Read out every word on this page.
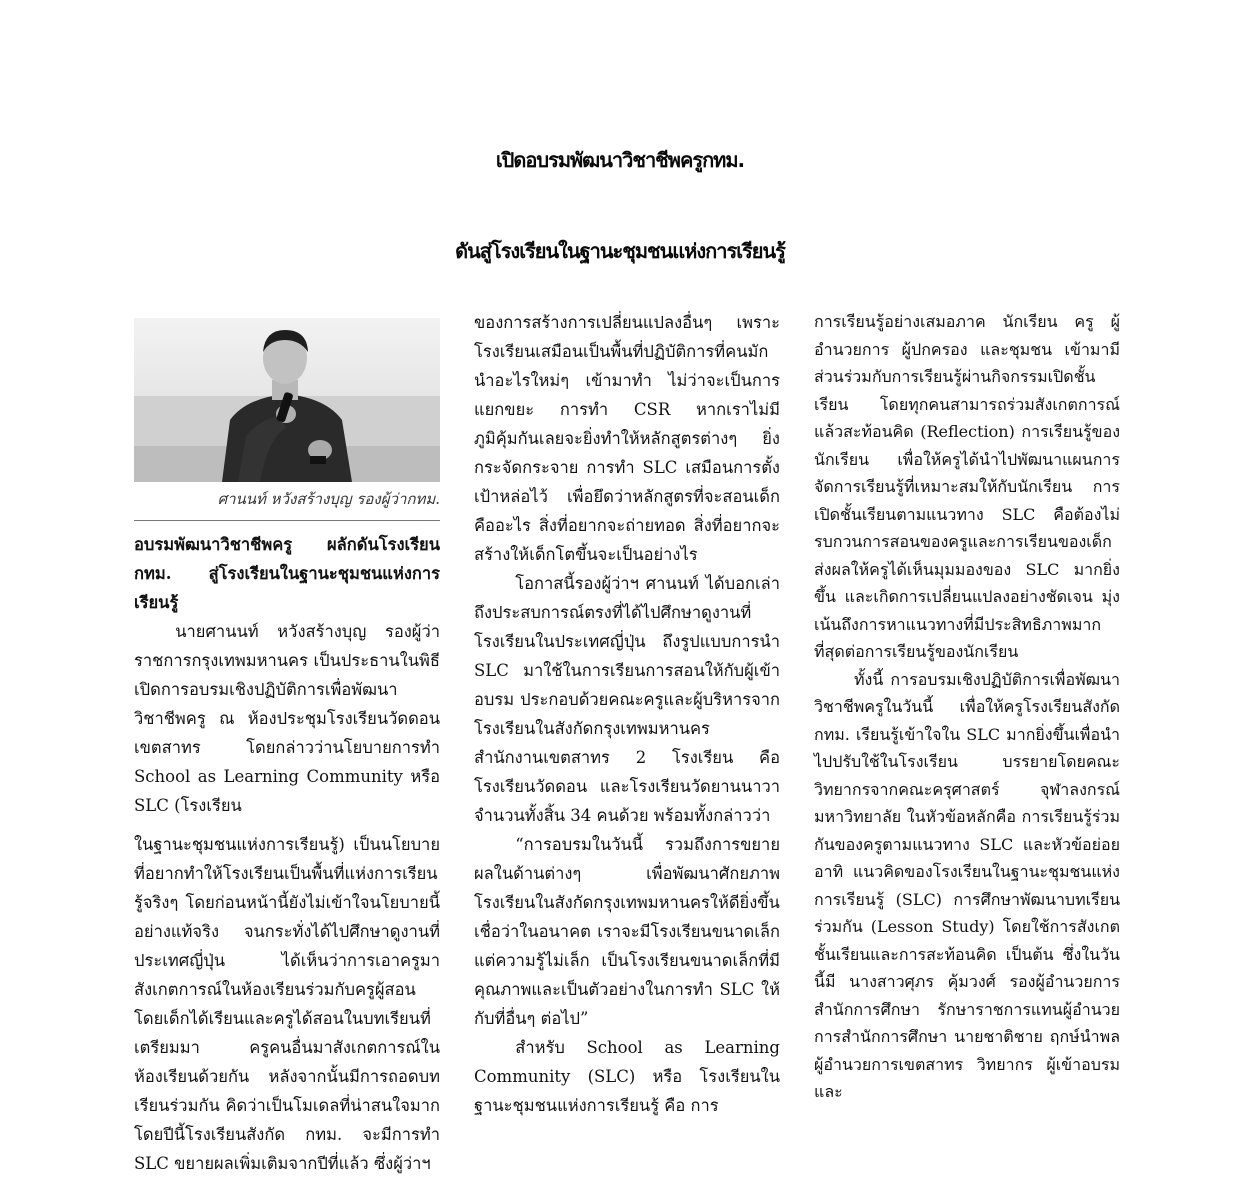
เปิดอบรมพัฒนาวิชาชีพครูกทม.
ดันสู่โรงเรียนในฐานะชุมชนแห่งการเรียนรู้
ศานนท์ หวังสร้างบุญ รองผู้ว่ากทม.

อบรมพัฒนาวิชาชีพครู ผลักดันโรงเรียน กทม. สู่โรงเรียนในฐานะชุมชนแห่งการเรียนรู้

นายศานนท์ หวังสร้างบุญ รองผู้ว่าราชการกรุงเทพมหานคร เป็นประธานในพิธีเปิดการอบรมเชิงปฏิบัติการเพื่อพัฒนาวิชาชีพครู ณ ห้องประชุมโรงเรียนวัดดอน เขตสาทร โดยกล่าวว่านโยบายการทำ School as Learning Community หรือ SLC (โรงเรียน

ในฐานะชุมชนแห่งการเรียนรู้) เป็นนโยบายที่อยากทำให้โรงเรียนเป็นพื้นที่แห่งการเรียนรู้จริงๆ โดยก่อนหน้านี้ยังไม่เข้าใจนโยบายนี้อย่างแท้จริง จนกระทั่งได้ไปศึกษาดูงานที่ประเทศญี่ปุ่น ได้เห็นว่าการเอาครูมาสังเกตการณ์ในห้องเรียนร่วมกับครูผู้สอน โดยเด็กได้เรียนและครูได้สอนในบทเรียนที่เตรียมมา ครูคนอื่นมาสังเกตการณ์ในห้องเรียนด้วยกัน หลังจากนั้นมีการถอดบทเรียนร่วมกัน คิดว่าเป็นโมเดลที่น่าสนใจมาก โดยปีนี้โรงเรียนสังกัด กทม. จะมีการทำ SLC ขยายผลเพิ่มเติมจากปีที่แล้ว ซึ่งผู้ว่าฯ

ของการสร้างการเปลี่ยนแปลงอื่นๆ เพราะโรงเรียนเสมือนเป็นพื้นที่ปฏิบัติการที่คนมักนำอะไรใหม่ๆ เข้ามาทำ ไม่ว่าจะเป็นการแยกขยะ การทำ CSR หากเราไม่มีภูมิคุ้มกันเลยจะยิ่งทำให้หลักสูตรต่างๆ ยิ่งกระจัดกระจาย การทำ SLC เสมือนการตั้งเป้าหล่อไว้ เพื่อยึดว่าหลักสูตรที่จะสอนเด็กคืออะไร สิ่งที่อยากจะถ่ายทอด สิ่งที่อยากจะสร้างให้เด็กโตขึ้นจะเป็นอย่างไร

โอกาสนี้รองผู้ว่าฯ ศานนท์ ได้บอกเล่าถึงประสบการณ์ตรงที่ได้ไปศึกษาดูงานที่โรงเรียนในประเทศญี่ปุ่น ถึงรูปแบบการนำ SLC มาใช้ในการเรียนการสอนให้กับผู้เข้าอบรม ประกอบด้วยคณะครูและผู้บริหารจากโรงเรียนในสังกัดกรุงเทพมหานคร สำนักงานเขตสาทร 2 โรงเรียน คือ โรงเรียนวัดดอน และโรงเรียนวัดยานนาวา จำนวนทั้งสิ้น 34 คนด้วย พร้อมทั้งกล่าวว่า

“การอบรมในวันนี้ รวมถึงการขยายผลในด้านต่างๆ เพื่อพัฒนาศักยภาพโรงเรียนในสังกัดกรุงเทพมหานครให้ดียิ่งขึ้น เชื่อว่าในอนาคต เราจะมีโรงเรียนขนาดเล็กแต่ความรู้ไม่เล็ก เป็นโรงเรียนขนาดเล็กที่มีคุณภาพและเป็นตัวอย่างในการทำ SLC ให้กับที่อื่นๆ ต่อไป”

สำหรับ School as Learning Community (SLC) หรือ โรงเรียนในฐานะชุมชนแห่งการเรียนรู้ คือ การ

การเรียนรู้อย่างเสมอภาค นักเรียน ครู ผู้อำนวยการ ผู้ปกครอง และชุมชน เข้ามามีส่วนร่วมกับการเรียนรู้ผ่านกิจกรรมเปิดชั้นเรียน โดยทุกคนสามารถร่วมสังเกตการณ์แล้วสะท้อนคิด (Reflection) การเรียนรู้ของนักเรียน เพื่อให้ครูได้นำไปพัฒนาแผนการจัดการเรียนรู้ที่เหมาะสมให้กับนักเรียน การเปิดชั้นเรียนตามแนวทาง SLC คือต้องไม่รบกวนการสอนของครูและการเรียนของเด็ก ส่งผลให้ครูได้เห็นมุมมองของ SLC มากยิ่งขึ้น และเกิดการเปลี่ยนแปลงอย่างชัดเจน มุ่งเน้นถึงการหาแนวทางที่มีประสิทธิภาพมากที่สุดต่อการเรียนรู้ของนักเรียน

ทั้งนี้ การอบรมเชิงปฏิบัติการเพื่อพัฒนาวิชาชีพครูในวันนี้ เพื่อให้ครูโรงเรียนสังกัด กทม. เรียนรู้เข้าใจใน SLC มากยิ่งขึ้นเพื่อนำไปปรับใช้ในโรงเรียน บรรยายโดยคณะวิทยากรจากคณะครุศาสตร์ จุฬาลงกรณ์มหาวิทยาลัย ในหัวข้อหลักคือ การเรียนรู้ร่วมกันของครูตามแนวทาง SLC และหัวข้อย่อย อาทิ แนวคิดของโรงเรียนในฐานะชุมชนแห่งการเรียนรู้ (SLC) การศึกษาพัฒนาบทเรียนร่วมกัน (Lesson Study) โดยใช้การสังเกตชั้นเรียนและการสะท้อนคิด เป็นต้น ซึ่งในวันนี้มี นางสาวศุภร คุ้มวงศ์ รองผู้อำนวยการสำนักการศึกษา รักษาราชการแทนผู้อำนวยการสำนักการศึกษา นายชาติชาย ฤกษ์นำพล ผู้อำนวยการเขตสาทร วิทยากร ผู้เข้าอบรม และ
